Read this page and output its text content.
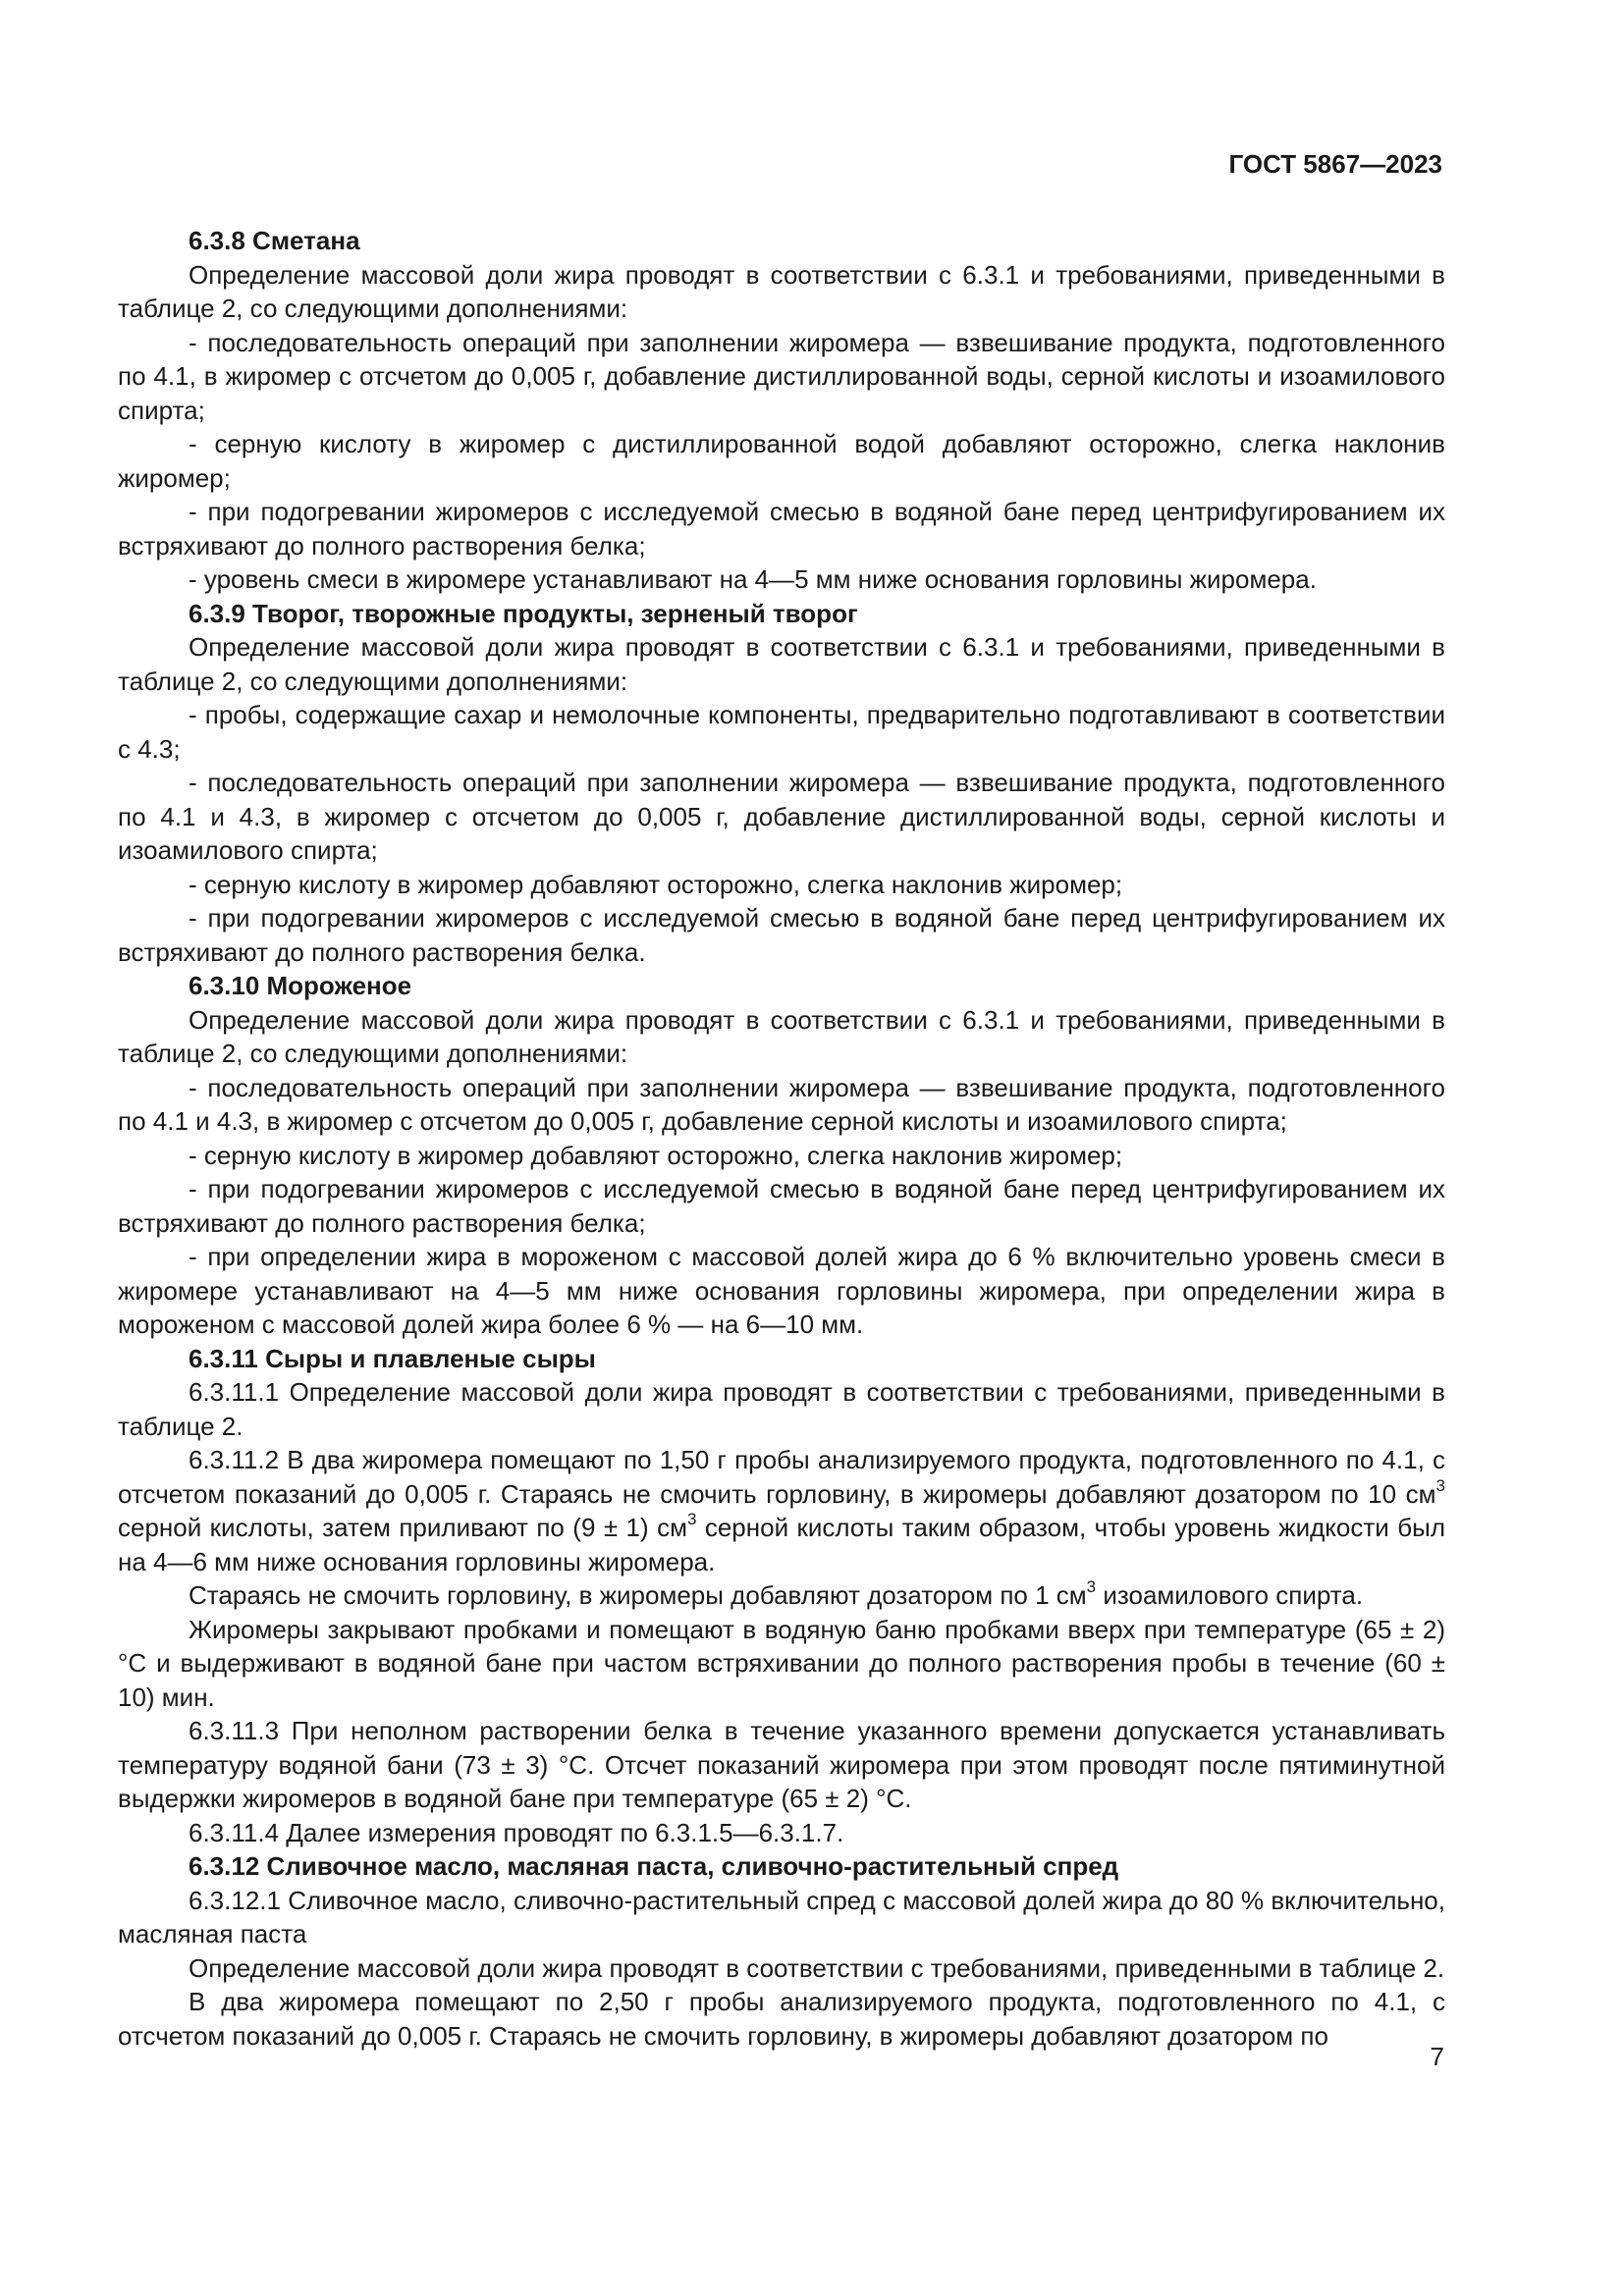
ГОСТ 5867—2023

6.3.8 Сметана

Определение массовой доли жира проводят в соответствии с 6.3.1 и требованиями, приведенными в таблице 2, со следующими дополнениями:

- последовательность операций при заполнении жиромера — взвешивание продукта, подготовленного по 4.1, в жиромер с отсчетом до 0,005 г, добавление дистиллированной воды, серной кислоты и изоамилового спирта;

- серную кислоту в жиромер с дистиллированной водой добавляют осторожно, слегка наклонив жиромер;

- при подогревании жиромеров с исследуемой смесью в водяной бане перед центрифугированием их встряхивают до полного растворения белка;

- уровень смеси в жиромере устанавливают на 4—5 мм ниже основания горловины жиромера.

6.3.9 Творог, творожные продукты, зерненый творог

Определение массовой доли жира проводят в соответствии с 6.3.1 и требованиями, приведенными в таблице 2, со следующими дополнениями:

- пробы, содержащие сахар и немолочные компоненты, предварительно подготавливают в соответствии с 4.3;

- последовательность операций при заполнении жиромера — взвешивание продукта, подготовленного по 4.1 и 4.3, в жиромер с отсчетом до 0,005 г, добавление дистиллированной воды, серной кислоты и изоамилового спирта;

- серную кислоту в жиромер добавляют осторожно, слегка наклонив жиромер;

- при подогревании жиромеров с исследуемой смесью в водяной бане перед центрифугированием их встряхивают до полного растворения белка.

6.3.10 Мороженое

Определение массовой доли жира проводят в соответствии с 6.3.1 и требованиями, приведенными в таблице 2, со следующими дополнениями:

- последовательность операций при заполнении жиромера — взвешивание продукта, подготовленного по 4.1 и 4.3, в жиромер с отсчетом до 0,005 г, добавление серной кислоты и изоамилового спирта;

- серную кислоту в жиромер добавляют осторожно, слегка наклонив жиромер;

- при подогревании жиромеров с исследуемой смесью в водяной бане перед центрифугированием их встряхивают до полного растворения белка;

- при определении жира в мороженом с массовой долей жира до 6 % включительно уровень смеси в жиромере устанавливают на 4—5 мм ниже основания горловины жиромера, при определении жира в мороженом с массовой долей жира более 6 % — на 6—10 мм.

6.3.11 Сыры и плавленые сыры

6.3.11.1 Определение массовой доли жира проводят в соответствии с требованиями, приведенными в таблице 2.

6.3.11.2 В два жиромера помещают по 1,50 г пробы анализируемого продукта, подготовленного по 4.1, с отсчетом показаний до 0,005 г. Стараясь не смочить горловину, в жиромеры добавляют дозатором по 10 $см^3$ серной кислоты, затем приливают по (9 ± 1) $см^3$ серной кислоты таким образом, чтобы уровень жидкости был на 4—6 мм ниже основания горловины жиромера.

Стараясь не смочить горловину, в жиромеры добавляют дозатором по 1 $см^3$ изоамилового спирта.

Жиромеры закрывают пробками и помещают в водяную баню пробками вверх при температуре (65 ± 2) °С и выдерживают в водяной бане при частом встряхивании до полного растворения пробы в течение (60 ± 10) мин.

6.3.11.3 При неполном растворении белка в течение указанного времени допускается устанавливать температуру водяной бани (73 ± 3) °С. Отсчет показаний жиромера при этом проводят после пятиминутной выдержки жиромеров в водяной бане при температуре (65 ± 2) °С.

6.3.11.4 Далее измерения проводят по 6.3.1.5—6.3.1.7.

6.3.12 Сливочное масло, масляная паста, сливочно-растительный спред

6.3.12.1 Сливочное масло, сливочно-растительный спред с массовой долей жира до 80 % включительно, масляная паста

Определение массовой доли жира проводят в соответствии с требованиями, приведенными в таблице 2.

В два жиромера помещают по 2,50 г пробы анализируемого продукта, подготовленного по 4.1, с отсчетом показаний до 0,005 г. Стараясь не смочить горловину, в жиромеры добавляют дозатором по

7
